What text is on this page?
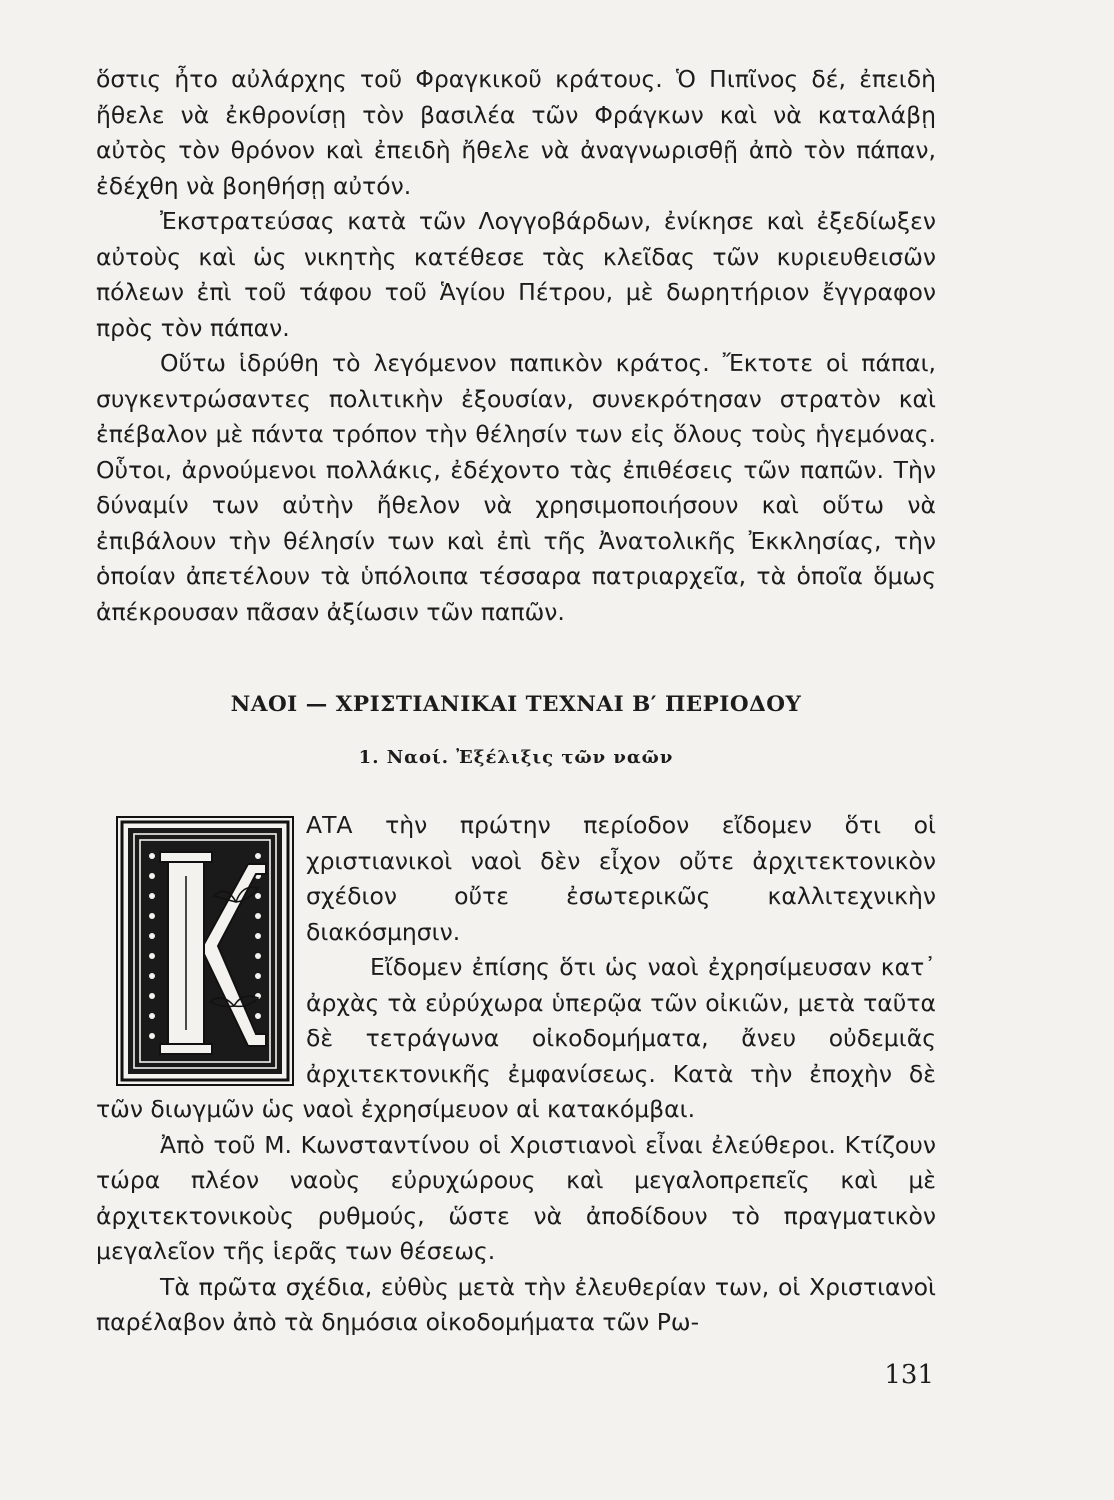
ὅστις ἦτο αὐλάρχης τοῦ Φραγκικοῦ κράτους. Ὁ Πιπῖνος δέ, ἐπειδὴ ἤθελε νὰ ἐκθρονίσῃ τὸν βασιλέα τῶν Φράγκων καὶ νὰ καταλάβῃ αὐτὸς τὸν θρόνον καὶ ἐπειδὴ ἤθελε νὰ ἀναγνωρισθῇ ἀπὸ τὸν πάπαν, ἐδέχθη νὰ βοηθήσῃ αὐτόν.

Ἐκστρατεύσας κατὰ τῶν Λογγοβάρδων, ἐνίκησε καὶ ἐξεδίωξεν αὐτοὺς καὶ ὡς νικητὴς κατέθεσε τὰς κλεῖδας τῶν κυριευθεισῶν πόλεων ἐπὶ τοῦ τάφου τοῦ Ἁγίου Πέτρου, μὲ δωρητήριον ἔγγραφον πρὸς τὸν πάπαν.

Οὕτω ἱδρύθη τὸ λεγόμενον παπικὸν κράτος. Ἔκτοτε οἱ πάπαι, συγκεντρώσαντες πολιτικὴν ἐξουσίαν, συνεκρότησαν στρατὸν καὶ ἐπέβαλον μὲ πάντα τρόπον τὴν θέλησίν των εἰς ὅλους τοὺς ἡγεμόνας. Οὗτοι, ἀρνούμενοι πολλάκις, ἐδέχοντο τὰς ἐπιθέσεις τῶν παπῶν. Τὴν δύναμίν των αὐτὴν ἤθελον νὰ χρησιμοποιήσουν καὶ οὕτω νὰ ἐπιβάλουν τὴν θέλησίν των καὶ ἐπὶ τῆς Ἀνατολικῆς Ἐκκλησίας, τὴν ὁποίαν ἀπετέλουν τὰ ὑπόλοιπα τέσσαρα πατριαρχεῖα, τὰ ὁποῖα ὅμως ἀπέκρουσαν πᾶσαν ἀξίωσιν τῶν παπῶν.

ΝΑΟΙ — ΧΡΙΣΤΙΑΝΙΚΑΙ ΤΕΧΝΑΙ Β′ ΠΕΡΙΟΔΟΥ
1. Ναοί. Ἐξέλιξις τῶν ναῶν

ΑΤΑ τὴν πρώτην περίοδον εἴδομεν ὅτι οἱ χριστιανικοὶ ναοὶ δὲν εἶχον οὔτε ἀρχιτεκτονικὸν σχέδιον οὔτε ἐσωτερικῶς καλλιτεχνικὴν διακόσμησιν.

Εἴδομεν ἐπίσης ὅτι ὡς ναοὶ ἐχρησίμευσαν κατ᾽ ἀρχὰς τὰ εὐρύχωρα ὑπερῷα τῶν οἰκιῶν, μετὰ ταῦτα δὲ τετράγωνα οἰκοδομήματα, ἄνευ οὐδεμιᾶς ἀρχιτεκτονικῆς ἐμφανίσεως. Κατὰ τὴν ἐποχὴν δὲ τῶν διωγμῶν ὡς ναοὶ ἐχρησίμευον αἱ κατακόμβαι.

Ἀπὸ τοῦ Μ. Κωνσταντίνου οἱ Χριστιανοὶ εἶναι ἐλεύθεροι. Κτίζουν τώρα πλέον ναοὺς εὐρυχώρους καὶ μεγαλοπρεπεῖς καὶ μὲ ἀρχιτεκτονικοὺς ρυθμούς, ὥστε νὰ ἀποδίδουν τὸ πραγματικὸν μεγαλεῖον τῆς ἱερᾶς των θέσεως.

Τὰ πρῶτα σχέδια, εὐθὺς μετὰ τὴν ἐλευθερίαν των, οἱ Χριστιανοὶ παρέλαβον ἀπὸ τὰ δημόσια οἰκοδομήματα τῶν Ρω-

131
